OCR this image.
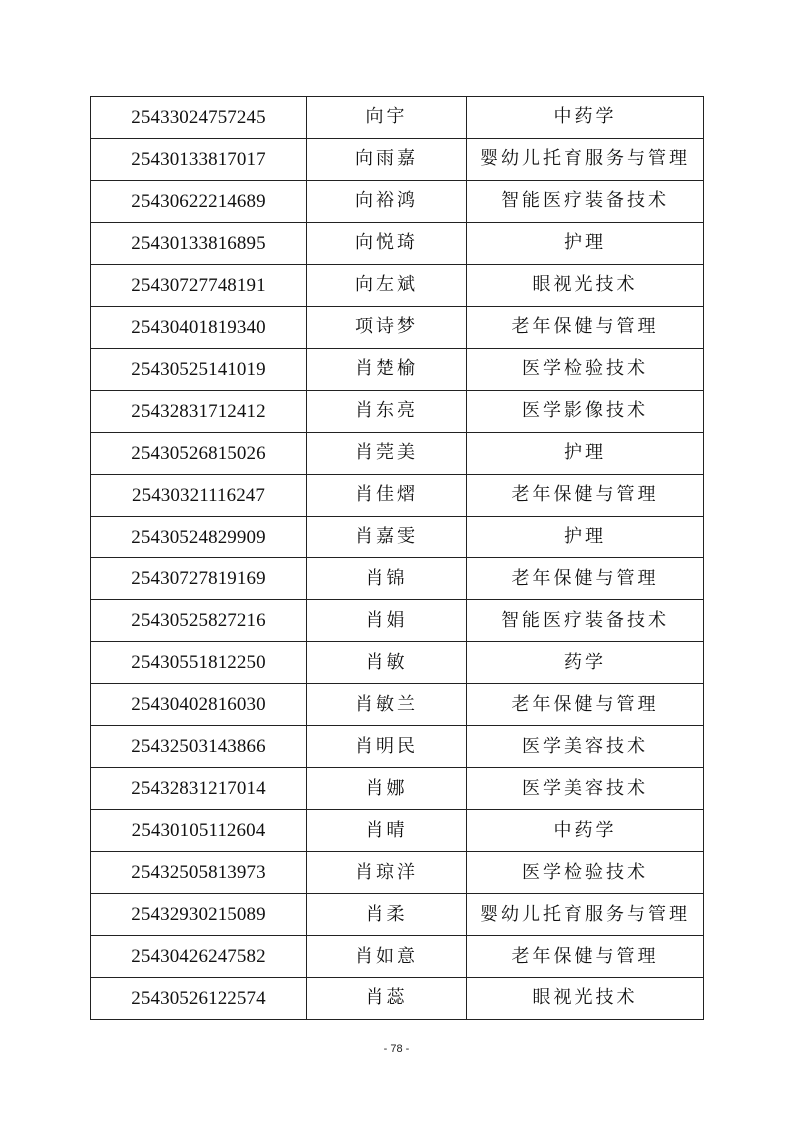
25433024757245	向宇	中药学
25430133817017	向雨嘉	婴幼儿托育服务与管理
25430622214689	向裕鸿	智能医疗装备技术
25430133816895	向悦琦	护理
25430727748191	向左斌	眼视光技术
25430401819340	项诗梦	老年保健与管理
25430525141019	肖楚榆	医学检验技术
25432831712412	肖东亮	医学影像技术
25430526815026	肖莞美	护理
25430321116247	肖佳熠	老年保健与管理
25430524829909	肖嘉雯	护理
25430727819169	肖锦	老年保健与管理
25430525827216	肖娟	智能医疗装备技术
25430551812250	肖敏	药学
25430402816030	肖敏兰	老年保健与管理
25432503143866	肖明民	医学美容技术
25432831217014	肖娜	医学美容技术
25430105112604	肖晴	中药学
25432505813973	肖琼洋	医学检验技术
25432930215089	肖柔	婴幼儿托育服务与管理
25430426247582	肖如意	老年保健与管理
25430526122574	肖蕊	眼视光技术
- 78 -
